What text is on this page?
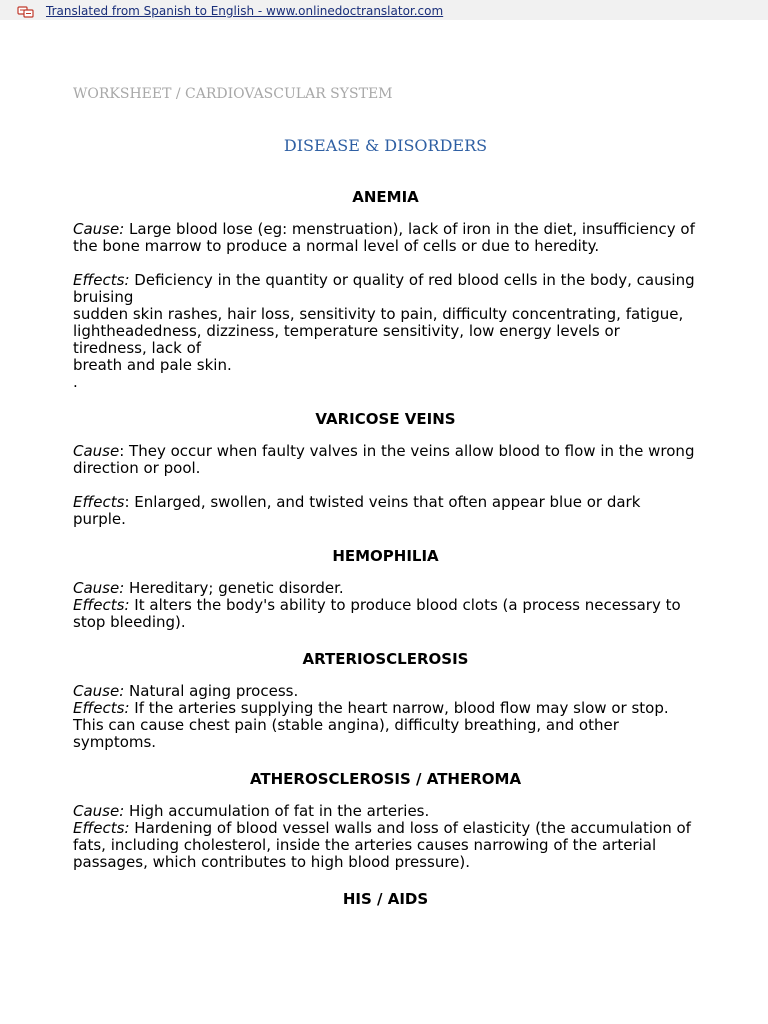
Translated from Spanish to English - www.onlinedoctranslator.com
WORKSHEET / CARDIOVASCULAR SYSTEM
DISEASE & DISORDERS
ANEMIA

Cause: Large blood lose (eg: menstruation), lack of iron in the diet, insufficiency of the bone marrow to produce a normal level of cells or due to heredity.

Effects: Deficiency in the quantity or quality of red blood cells in the body, causing bruising

sudden skin rashes, hair loss, sensitivity to pain, difficulty concentrating, fatigue,

lightheadedness, dizziness, temperature sensitivity, low energy levels or tiredness, lack of

breath and pale skin.

.

VARICOSE VEINS

Cause: They occur when faulty valves in the veins allow blood to flow in the wrong direction or pool.

Effects: Enlarged, swollen, and twisted veins that often appear blue or dark purple.

HEMOPHILIA

Cause: Hereditary; genetic disorder.

Effects: It alters the body's ability to produce blood clots (a process necessary to stop bleeding).

ARTERIOSCLEROSIS

Cause: Natural aging process.

Effects: If the arteries supplying the heart narrow, blood flow may slow or stop. This can cause chest pain (stable angina), difficulty breathing, and other symptoms.

ATHEROSCLEROSIS / ATHEROMA

Cause: High accumulation of fat in the arteries.

Effects: Hardening of blood vessel walls and loss of elasticity (the accumulation of fats, including cholesterol, inside the arteries causes narrowing of the arterial passages, which contributes to high blood pressure).

HIS / AIDS
